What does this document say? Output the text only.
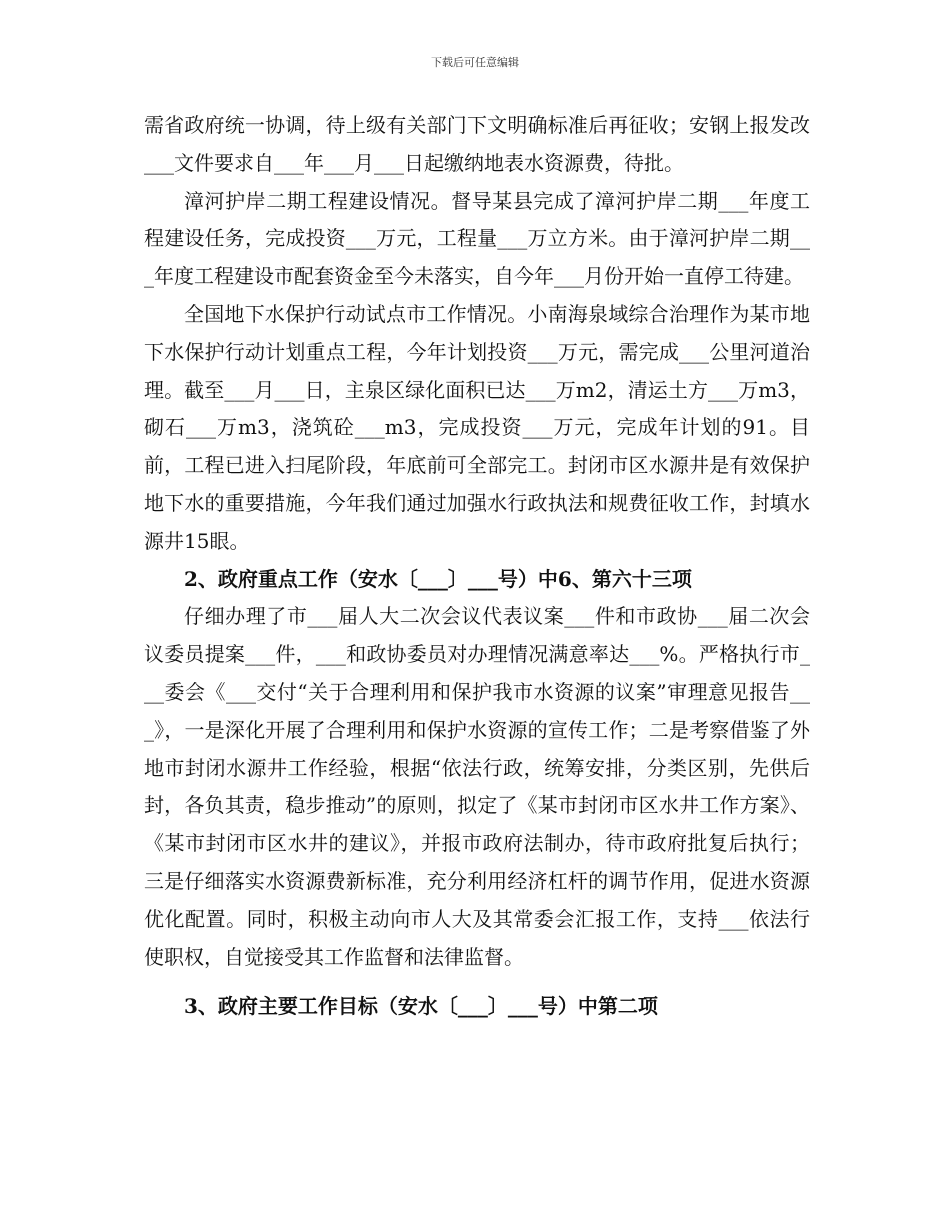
下载后可任意编辑

需省政府统一协调，待上级有关部门下文明确标准后再征收；安钢上报发改___文件要求自___年___月___日起缴纳地表水资源费，待批。

漳河护岸二期工程建设情况。督导某县完成了漳河护岸二期___年度工程建设任务，完成投资___万元，工程量___万立方米。由于漳河护岸二期___年度工程建设市配套资金至今未落实，自今年___月份开始一直停工待建。

全国地下水保护行动试点市工作情况。小南海泉域综合治理作为某市地下水保护行动计划重点工程，今年计划投资___万元，需完成___公里河道治理。截至___月___日，主泉区绿化面积已达___万m2，清运土方___万m3，砌石___万m3，浇筑砼___m3，完成投资___万元，完成年计划的91。目前，工程已进入扫尾阶段，年底前可全部完工。封闭市区水源井是有效保护地下水的重要措施，今年我们通过加强水行政执法和规费征收工作，封填水源井15眼。

2、政府重点工作（安水〔___〕___号）中6、第六十三项

仔细办理了市___届人大二次会议代表议案___件和市政协___届二次会议委员提案___件，___和政协委员对办理情况满意率达___%。严格执行市___委会《___交付“关于合理利用和保护我市水资源的议案”审理意见报告___》，一是深化开展了合理利用和保护水资源的宣传工作；二是考察借鉴了外地市封闭水源井工作经验，根据“依法行政，统筹安排，分类区别，先供后封，各负其责，稳步推动”的原则，拟定了《某市封闭市区水井工作方案》、《某市封闭市区水井的建议》，并报市政府法制办，待市政府批复后执行；三是仔细落实水资源费新标准，充分利用经济杠杆的调节作用，促进水资源优化配置。同时，积极主动向市人大及其常委会汇报工作，支持___依法行使职权，自觉接受其工作监督和法律监督。

3、政府主要工作目标（安水〔___〕___号）中第二项
